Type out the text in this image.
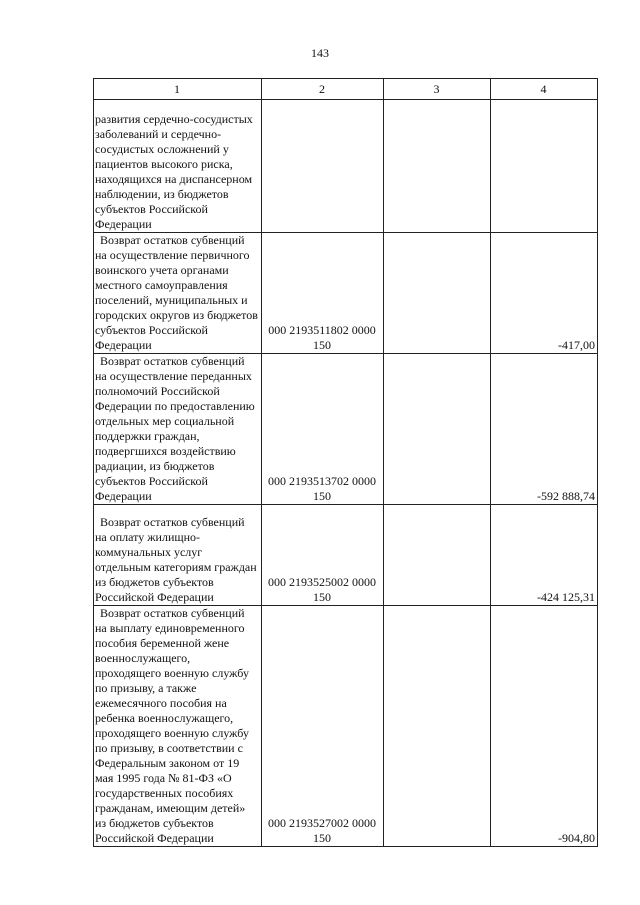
143
1	2	3	4
развития сердечно-сосудистых заболеваний и сердечно-сосудистых осложнений у пациентов высокого риска, находящихся на диспансерном наблюдении, из бюджетов субъектов Российской Федерации			
Возврат остатков субвенций на осуществление первичного воинского учета органами местного самоуправления поселений, муниципальных и городских округов из бюджетов субъектов Российской Федерации	000 2193511802 0000 150		-417,00
Возврат остатков субвенций на осуществление переданных полномочий Российской Федерации по предоставлению отдельных мер социальной поддержки граждан, подвергшихся воздействию радиации, из бюджетов субъектов Российской Федерации	000 2193513702 0000 150		-592 888,74
Возврат остатков субвенций на оплату жилищно-коммунальных услуг отдельным категориям граждан из бюджетов субъектов Российской Федерации	000 2193525002 0000 150		-424 125,31
Возврат остатков субвенций на выплату единовременного пособия беременной жене военнослужащего, проходящего военную службу по призыву, а также ежемесячного пособия на ребенка военнослужащего, проходящего военную службу по призыву, в соответствии с Федеральным законом от 19 мая 1995 года № 81-ФЗ «О государственных пособиях гражданам, имеющим детей» из бюджетов субъектов Российской Федерации	000 2193527002 0000 150		-904,80
